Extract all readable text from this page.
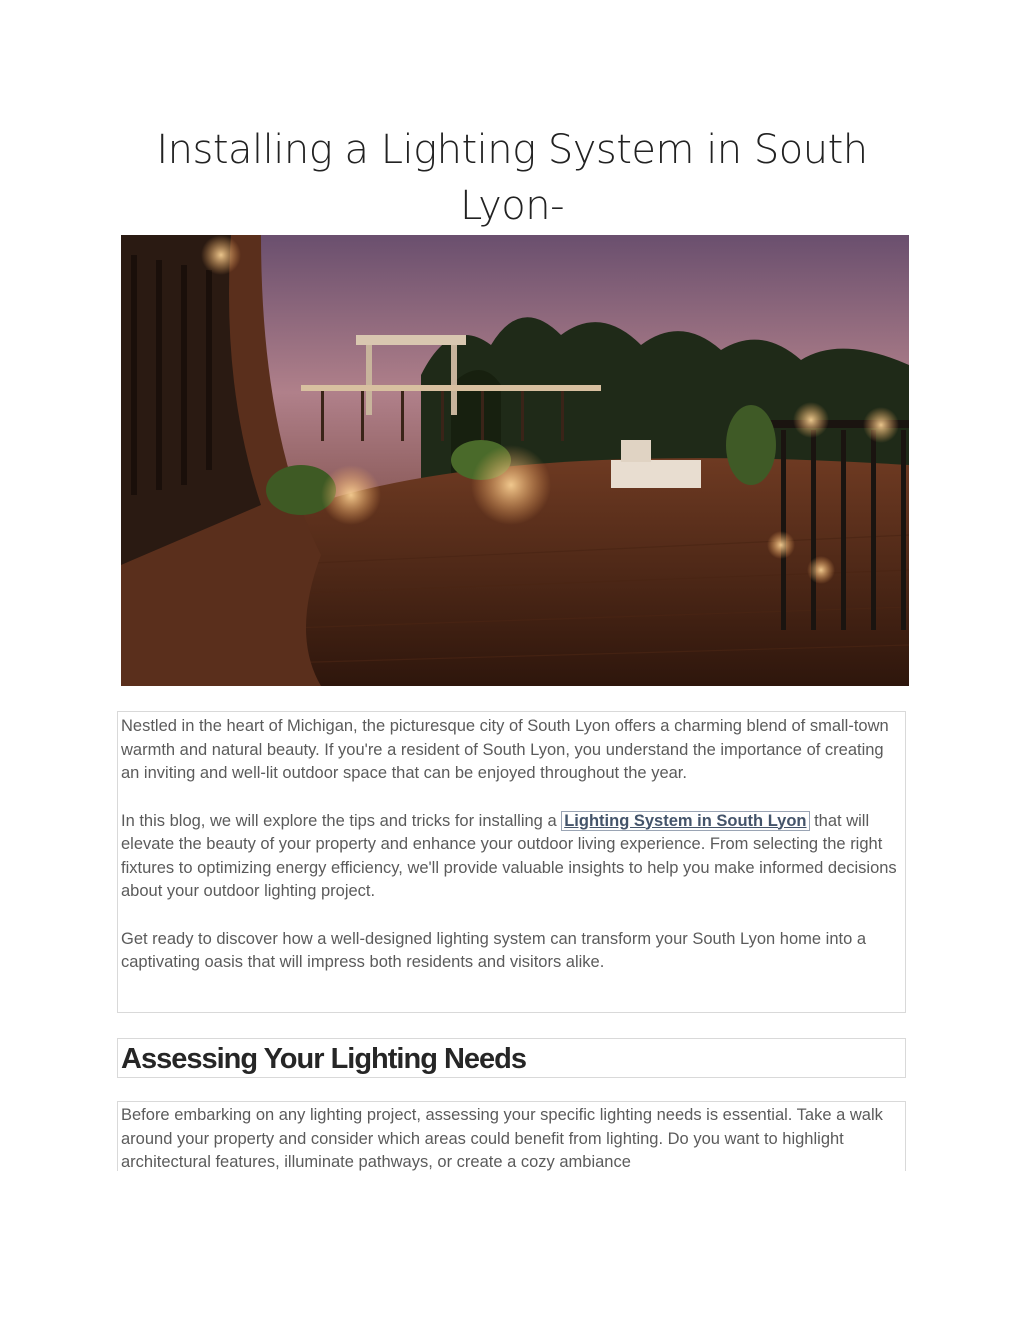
Installing a Lighting System in South Lyon-

Nestled in the heart of Michigan, the picturesque city of South Lyon offers a charming blend of small-town warmth and natural beauty. If you're a resident of South Lyon, you understand the importance of creating an inviting and well-lit outdoor space that can be enjoyed throughout the year.

In this blog, we will explore the tips and tricks for installing a Lighting System in South Lyon that will elevate the beauty of your property and enhance your outdoor living experience. From selecting the right fixtures to optimizing energy efficiency, we'll provide valuable insights to help you make informed decisions about your outdoor lighting project.

Get ready to discover how a well-designed lighting system can transform your South Lyon home into a captivating oasis that will impress both residents and visitors alike.

Assessing Your Lighting Needs

Before embarking on any lighting project, assessing your specific lighting needs is essential. Take a walk around your property and consider which areas could benefit from lighting. Do you want to highlight architectural features, illuminate pathways, or create a cozy ambiance
